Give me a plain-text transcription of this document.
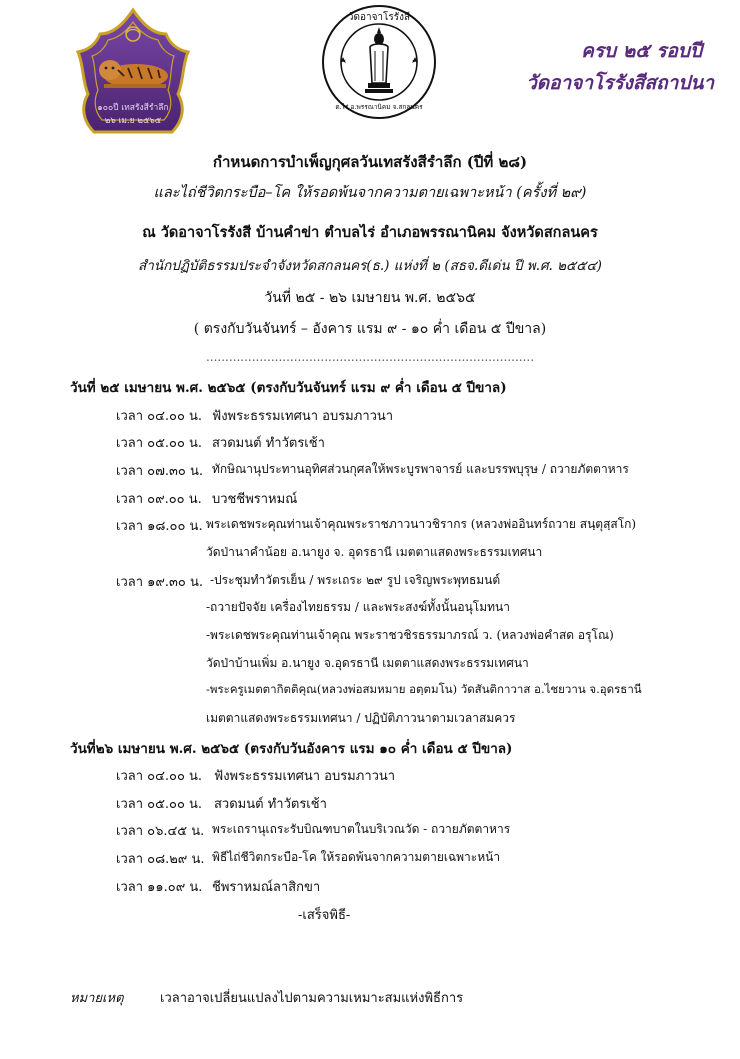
๑๐๐ปี เทสรังสีรำลึก
๒๖ เม.ย ๒๕๖๕
วัดอาจาโรรังสี
ต.ไร่ อ.พรรณานิคม จ.สกลนคร
ครบ ๒๕ รอบปี
วัดอาจาโรรังสีสถาปนา
กำหนดการบำเพ็ญกุศลวันเทสรังสีรำลึก (ปีที่ ๒๘)
และไถ่ชีวิตกระบือ–โค ให้รอดพ้นจากความตายเฉพาะหน้า (ครั้งที่ ๒๙)
ณ วัดอาจาโรรังสี บ้านคำข่า ตำบลไร่ อำเภอพรรณานิคม จังหวัดสกลนคร
สำนักปฏิบัติธรรมประจำจังหวัดสกลนคร(ธ.) แห่งที่ ๒ (สธจ.ดีเด่น ปี พ.ศ. ๒๕๕๔)
วันที่ ๒๕ - ๒๖ เมษายน พ.ศ. ๒๕๖๕
( ตรงกับวันจันทร์ – อังคาร แรม ๙ - ๑๐ ค่ำ เดือน ๕ ปีขาล)
......................................................................................
วันที่ ๒๕ เมษายน พ.ศ. ๒๕๖๕ (ตรงกับวันจันทร์ แรม ๙ ค่ำ เดือน ๕ ปีขาล)
เวลา ๐๔.๐๐ น. ฟังพระธรรมเทศนา อบรมภาวนา
เวลา ๐๕.๐๐ น. สวดมนต์ ทำวัตรเช้า
เวลา ๐๗.๓๐ น. ทักษิณานุประทานอุทิศส่วนกุศลให้พระบูรพาจารย์ และบรรพบุรุษ / ถวายภัตตาหาร
เวลา ๐๙.๐๐ น. บวชชีพราหมณ์
เวลา ๑๘.๐๐ น. พระเดชพระคุณท่านเจ้าคุณพระราชภาวนาวชิรากร (หลวงพ่ออินทร์ถวาย สนฺตุสฺสโก)
วัดป่านาคำน้อย อ.นายูง จ. อุดรธานี เมตตาแสดงพระธรรมเทศนา
เวลา ๑๙.๓๐ น. -ประชุมทำวัตรเย็น / พระเถระ ๒๙ รูป เจริญพระพุทธมนต์
-ถวายปัจจัย เครื่องไทยธรรม / และพระสงฆ์ทั้งนั้นอนุโมทนา
-พระเดชพระคุณท่านเจ้าคุณ พระราชวชิรธรรมาภรณ์ ว. (หลวงพ่อคำสด อรุโณ)
วัดป่าบ้านเพิ่ม อ.นายูง จ.อุดรธานี เมตตาแสดงพระธรรมเทศนา
-พระครูเมตตากิตติคุณ(หลวงพ่อสมหมาย อตฺตมโน) วัดสันติกาวาส อ.ไชยวาน จ.อุดรธานี
เมตตาแสดงพระธรรมเทศนา / ปฏิบัติภาวนาตามเวลาสมควร
วันที่๒๖ เมษายน พ.ศ. ๒๕๖๕ (ตรงกับวันอังคาร แรม ๑๐ ค่ำ เดือน ๕ ปีขาล)
เวลา ๐๔.๐๐ น. ฟังพระธรรมเทศนา อบรมภาวนา
เวลา ๐๕.๐๐ น. สวดมนต์ ทำวัตรเช้า
เวลา ๐๖.๔๕ น. พระเถรานุเถระรับบิณฑบาตในบริเวณวัด - ถวายภัตตาหาร
เวลา ๐๘.๒๙ น. พิธีไถ่ชีวิตกระบือ-โค ให้รอดพ้นจากความตายเฉพาะหน้า
เวลา ๑๑.๐๙ น. ชีพราหมณ์ลาสิกขา
-เสร็จพิธี-
หมายเหตุ	เวลาอาจเปลี่ยนแปลงไปตามความเหมาะสมแห่งพิธีการ
